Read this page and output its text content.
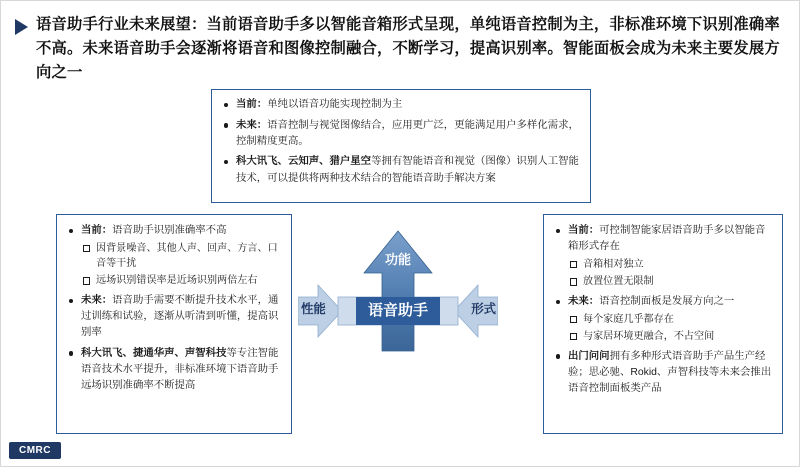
语音助手行业未来展望：当前语音助手多以智能音箱形式呈现，单纯语音控制为主，非标准环境下识别准确率不高。未来语音助手会逐渐将语音和图像控制融合，不断学习，提高识别率。智能面板会成为未来主要发展方向之一
当前：单纯以语音功能实现控制为主
未来：语音控制与视觉图像结合，应用更广泛，更能满足用户多样化需求，控制精度更高。
科大讯飞、云知声、猎户星空等拥有智能语音和视觉（图像）识别人工智能技术，可以提供将两种技术结合的智能语音助手解决方案
当前：语音助手识别准确率不高
因背景噪音、其他人声、回声、方言、口音等干扰
远场识别错误率是近场识别两倍左右
未来：语音助手需要不断提升技术水平，通过训练和试验，逐渐从听清到听懂，提高识别率
科大讯飞、捷通华声、声智科技等专注智能语音技术水平提升，非标准环境下语音助手远场识别准确率不断提高
当前：可控制智能家居语音助手多以智能音箱形式存在
音箱相对独立
放置位置无限制
未来：语音控制面板是发展方向之一
每个家庭几乎都存在
与家居环境更融合，不占空间
出门问问拥有多种形式语音助手产品生产经验；思必驰、Rokid、声智科技等未来会推出语音控制面板类产品
功能
语音助手
性能	形式
CMRC
